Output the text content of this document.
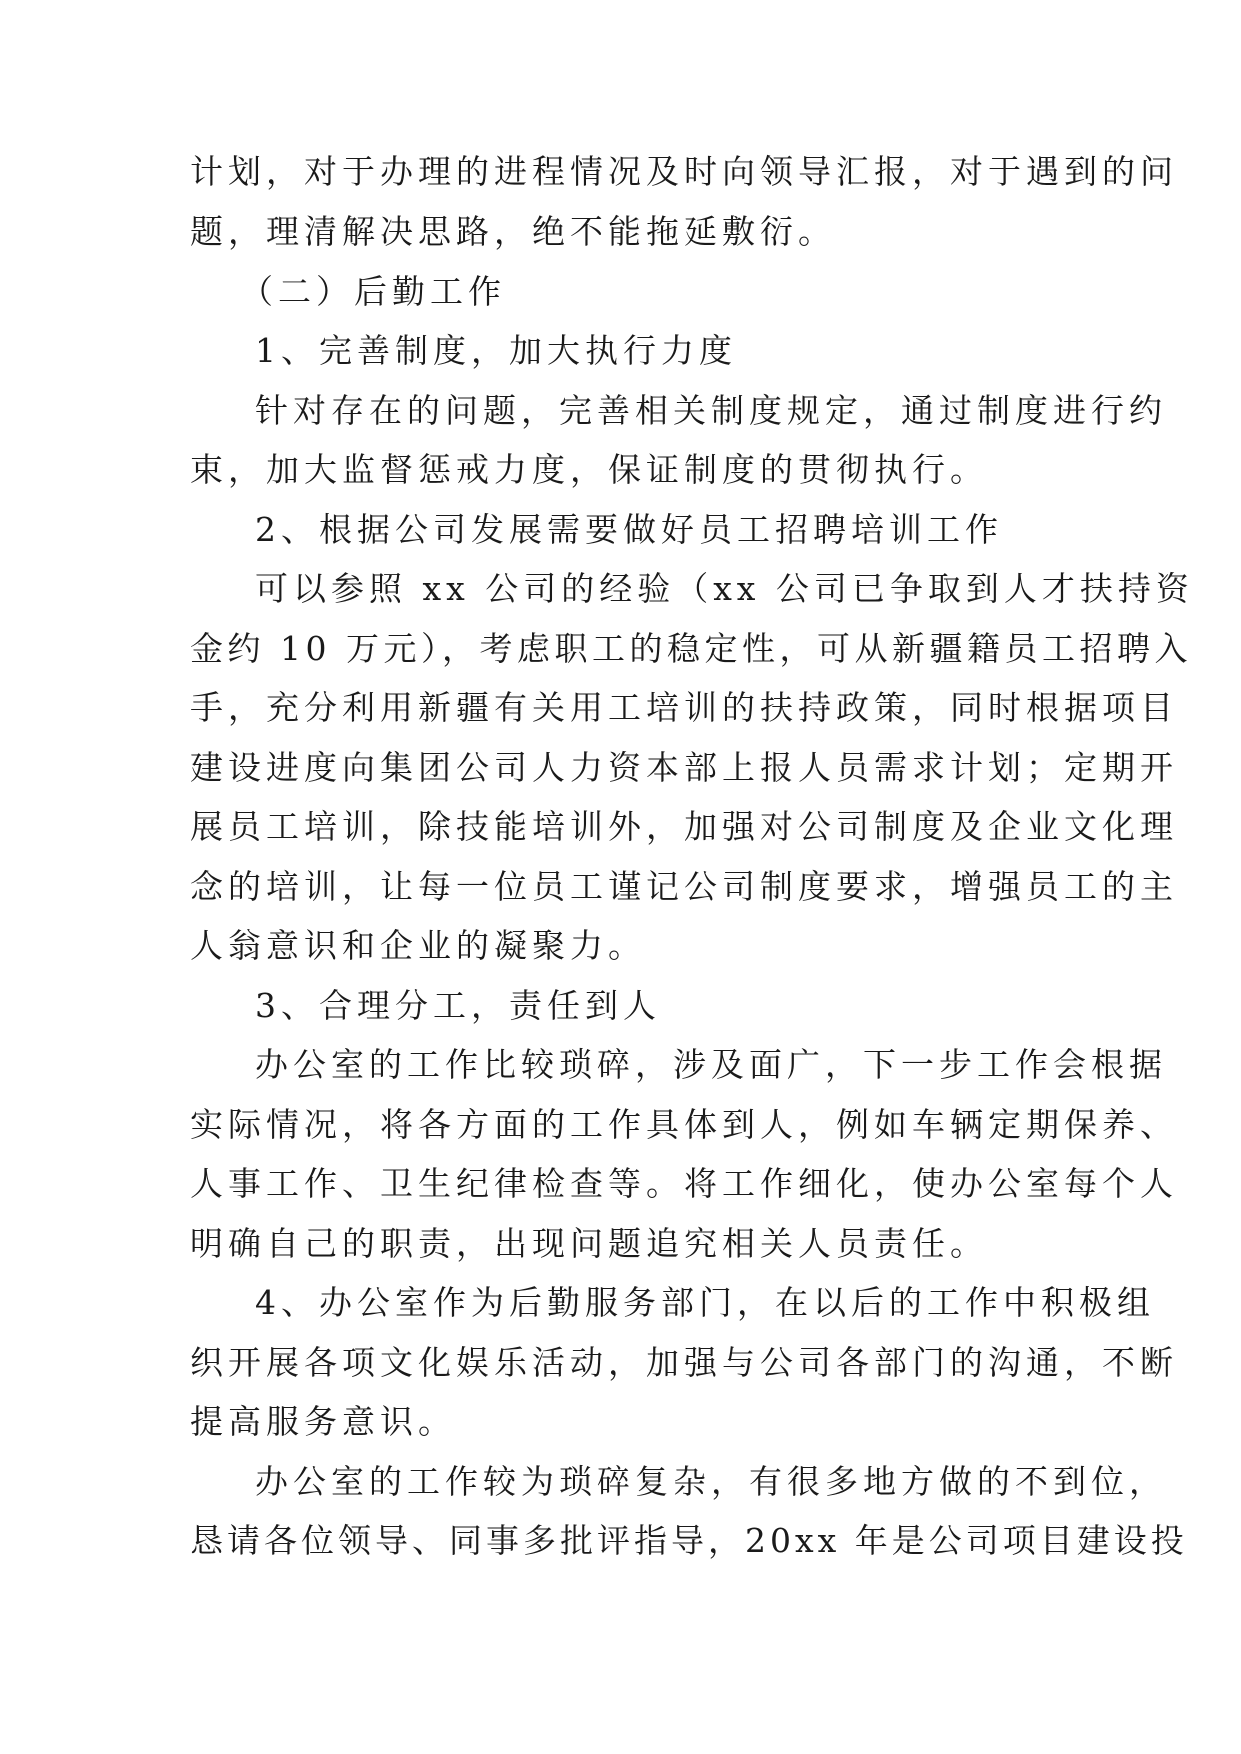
计划，对于办理的进程情况及时向领导汇报，对于遇到的问
题，理清解决思路，绝不能拖延敷衍。
（二）后勤工作
1、完善制度，加大执行力度
针对存在的问题，完善相关制度规定，通过制度进行约
束，加大监督惩戒力度，保证制度的贯彻执行。
2、根据公司发展需要做好员工招聘培训工作
可以参照 xx 公司的经验（xx 公司已争取到人才扶持资
金约 10 万元），考虑职工的稳定性，可从新疆籍员工招聘入
手，充分利用新疆有关用工培训的扶持政策，同时根据项目
建设进度向集团公司人力资本部上报人员需求计划；定期开
展员工培训，除技能培训外，加强对公司制度及企业文化理
念的培训，让每一位员工谨记公司制度要求，增强员工的主
人翁意识和企业的凝聚力。
3、合理分工，责任到人
办公室的工作比较琐碎，涉及面广，下一步工作会根据
实际情况，将各方面的工作具体到人，例如车辆定期保养、
人事工作、卫生纪律检查等。将工作细化，使办公室每个人
明确自己的职责，出现问题追究相关人员责任。
4、办公室作为后勤服务部门，在以后的工作中积极组
织开展各项文化娱乐活动，加强与公司各部门的沟通，不断
提高服务意识。
办公室的工作较为琐碎复杂，有很多地方做的不到位，
恳请各位领导、同事多批评指导，20xx 年是公司项目建设投
